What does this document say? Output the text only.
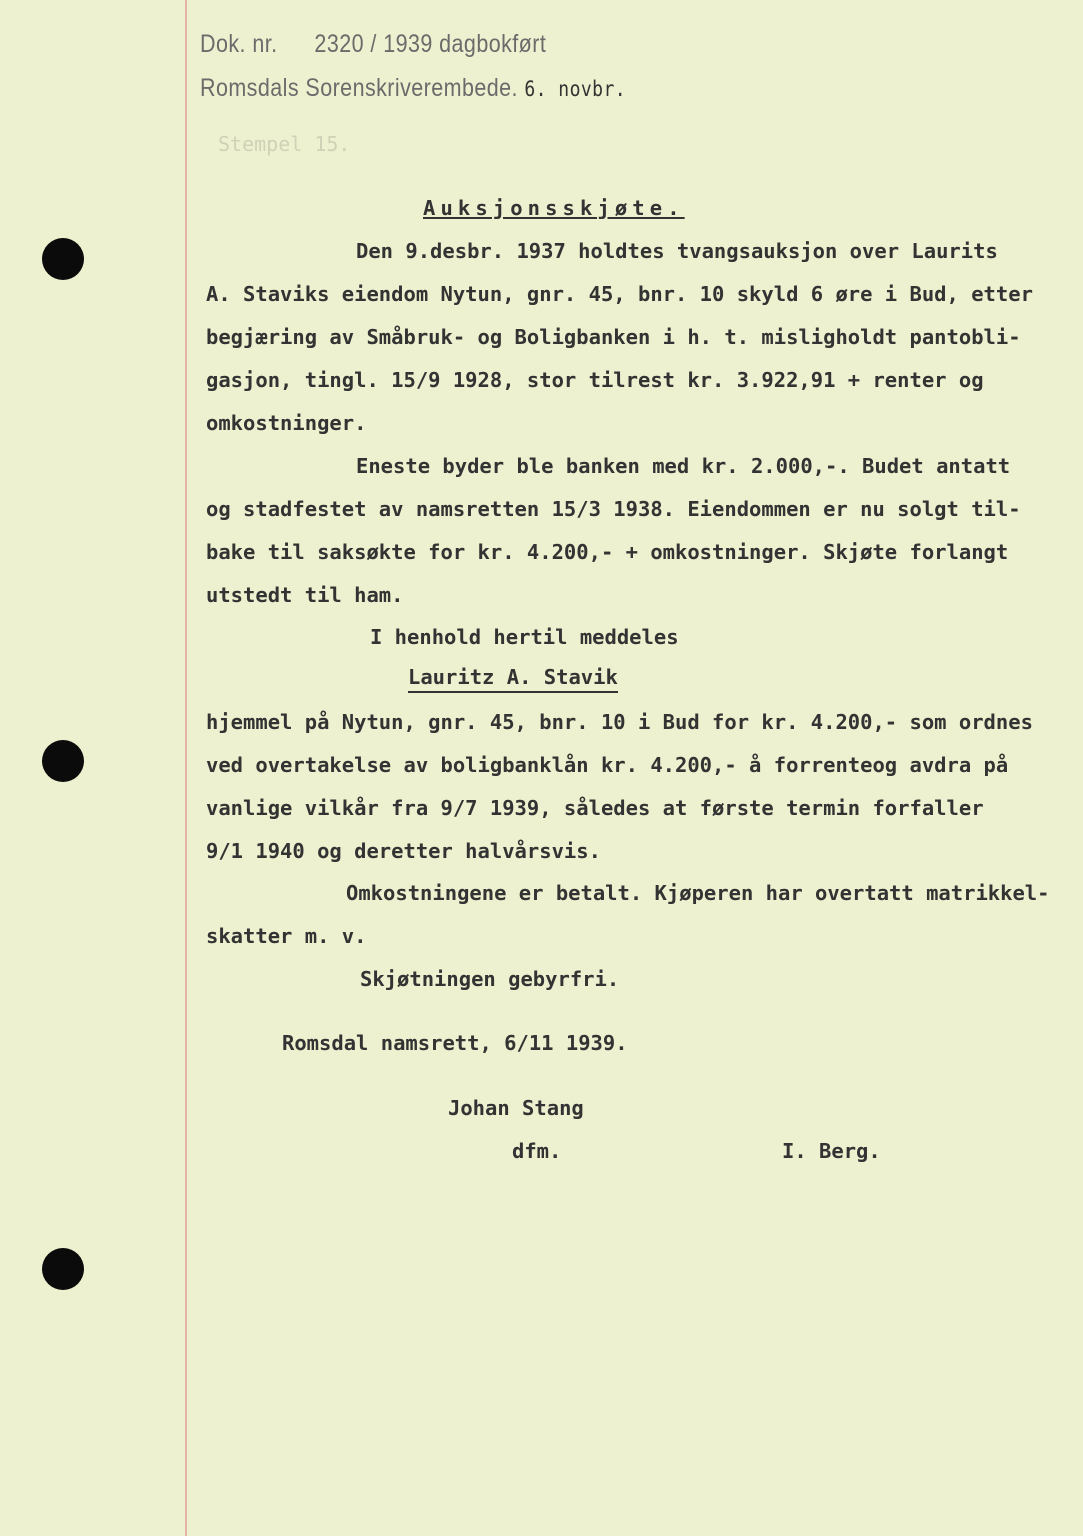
Dok. nr. 2320 / 1939 dagbokført
Romsdals Sorenskriverembede. 6. novbr.
Stempel 15.
Auksjonsskjøte.
Den 9.desbr. 1937 holdtes tvangsauksjon over Laurits
A. Staviks eiendom Nytun, gnr. 45, bnr. 10 skyld 6 øre i Bud, etter
begjæring av Småbruk- og Boligbanken i h. t. misligholdt pantobli-
gasjon, tingl. 15/9 1928, stor tilrest kr. 3.922,91 + renter og
omkostninger.
Eneste byder ble banken med kr. 2.000,-. Budet antatt
og stadfestet av namsretten 15/3 1938. Eiendommen er nu solgt til-
bake til saksøkte for kr. 4.200,- + omkostninger. Skjøte forlangt
utstedt til ham.
I henhold hertil meddeles
Lauritz A. Stavik
hjemmel på Nytun, gnr. 45, bnr. 10 i Bud for kr. 4.200,- som ordnes
ved overtakelse av boligbanklån kr. 4.200,- å forrenteog avdra på
vanlige vilkår fra 9/7 1939, således at første termin forfaller
9/1 1940 og deretter halvårsvis.
Omkostningene er betalt. Kjøperen har overtatt matrikkel-
skatter m. v.
Skjøtningen gebyrfri.
Romsdal namsrett, 6/11 1939.
Johan Stang
dfm.	I. Berg.
